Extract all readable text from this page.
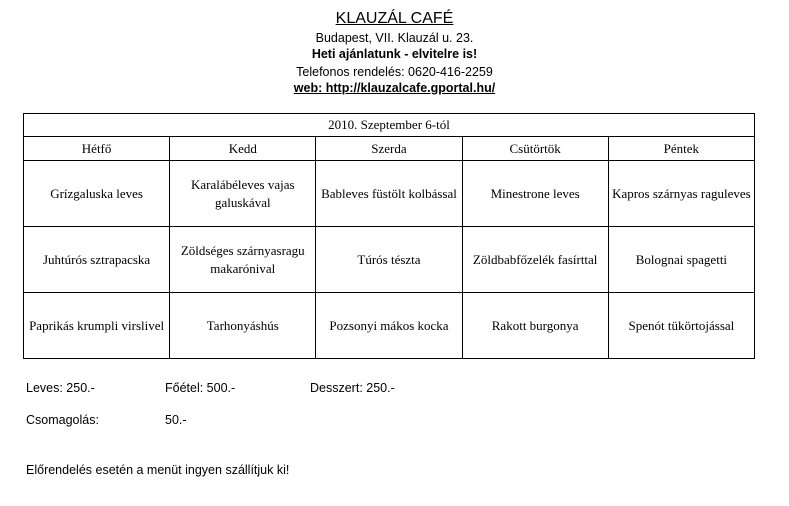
KLAUZÁL CAFÉ
Budapest, VII. Klauzál u. 23.
Heti ajánlatunk - elvitelre is!
Telefonos rendelés: 0620-416-2259
web: http://klauzalcafe.gportal.hu/
2010. Szeptember 6-tól				
Hétfő	Kedd	Szerda	Csütörtök	Péntek
Grízgaluska leves	Karalábéleves vajas galuskával	Bableves füstölt kolbással	Minestrone leves	Kapros szárnyas raguleves
Juhtúrós sztrapacska	Zöldséges szárnyasragu makarónival	Túrós tészta	Zöldbabfőzelék fasírttal	Bolognai spagetti
Paprikás krumpli virslivel	Tarhonyáshús	Pozsonyi mákos kocka	Rakott burgonya	Spenót tükörtojással
Leves: 250.-	Főétel: 500.-	Desszert: 250.-
Csomagolás:	50.-
Előrendelés esetén a menüt ingyen szállítjuk ki!
